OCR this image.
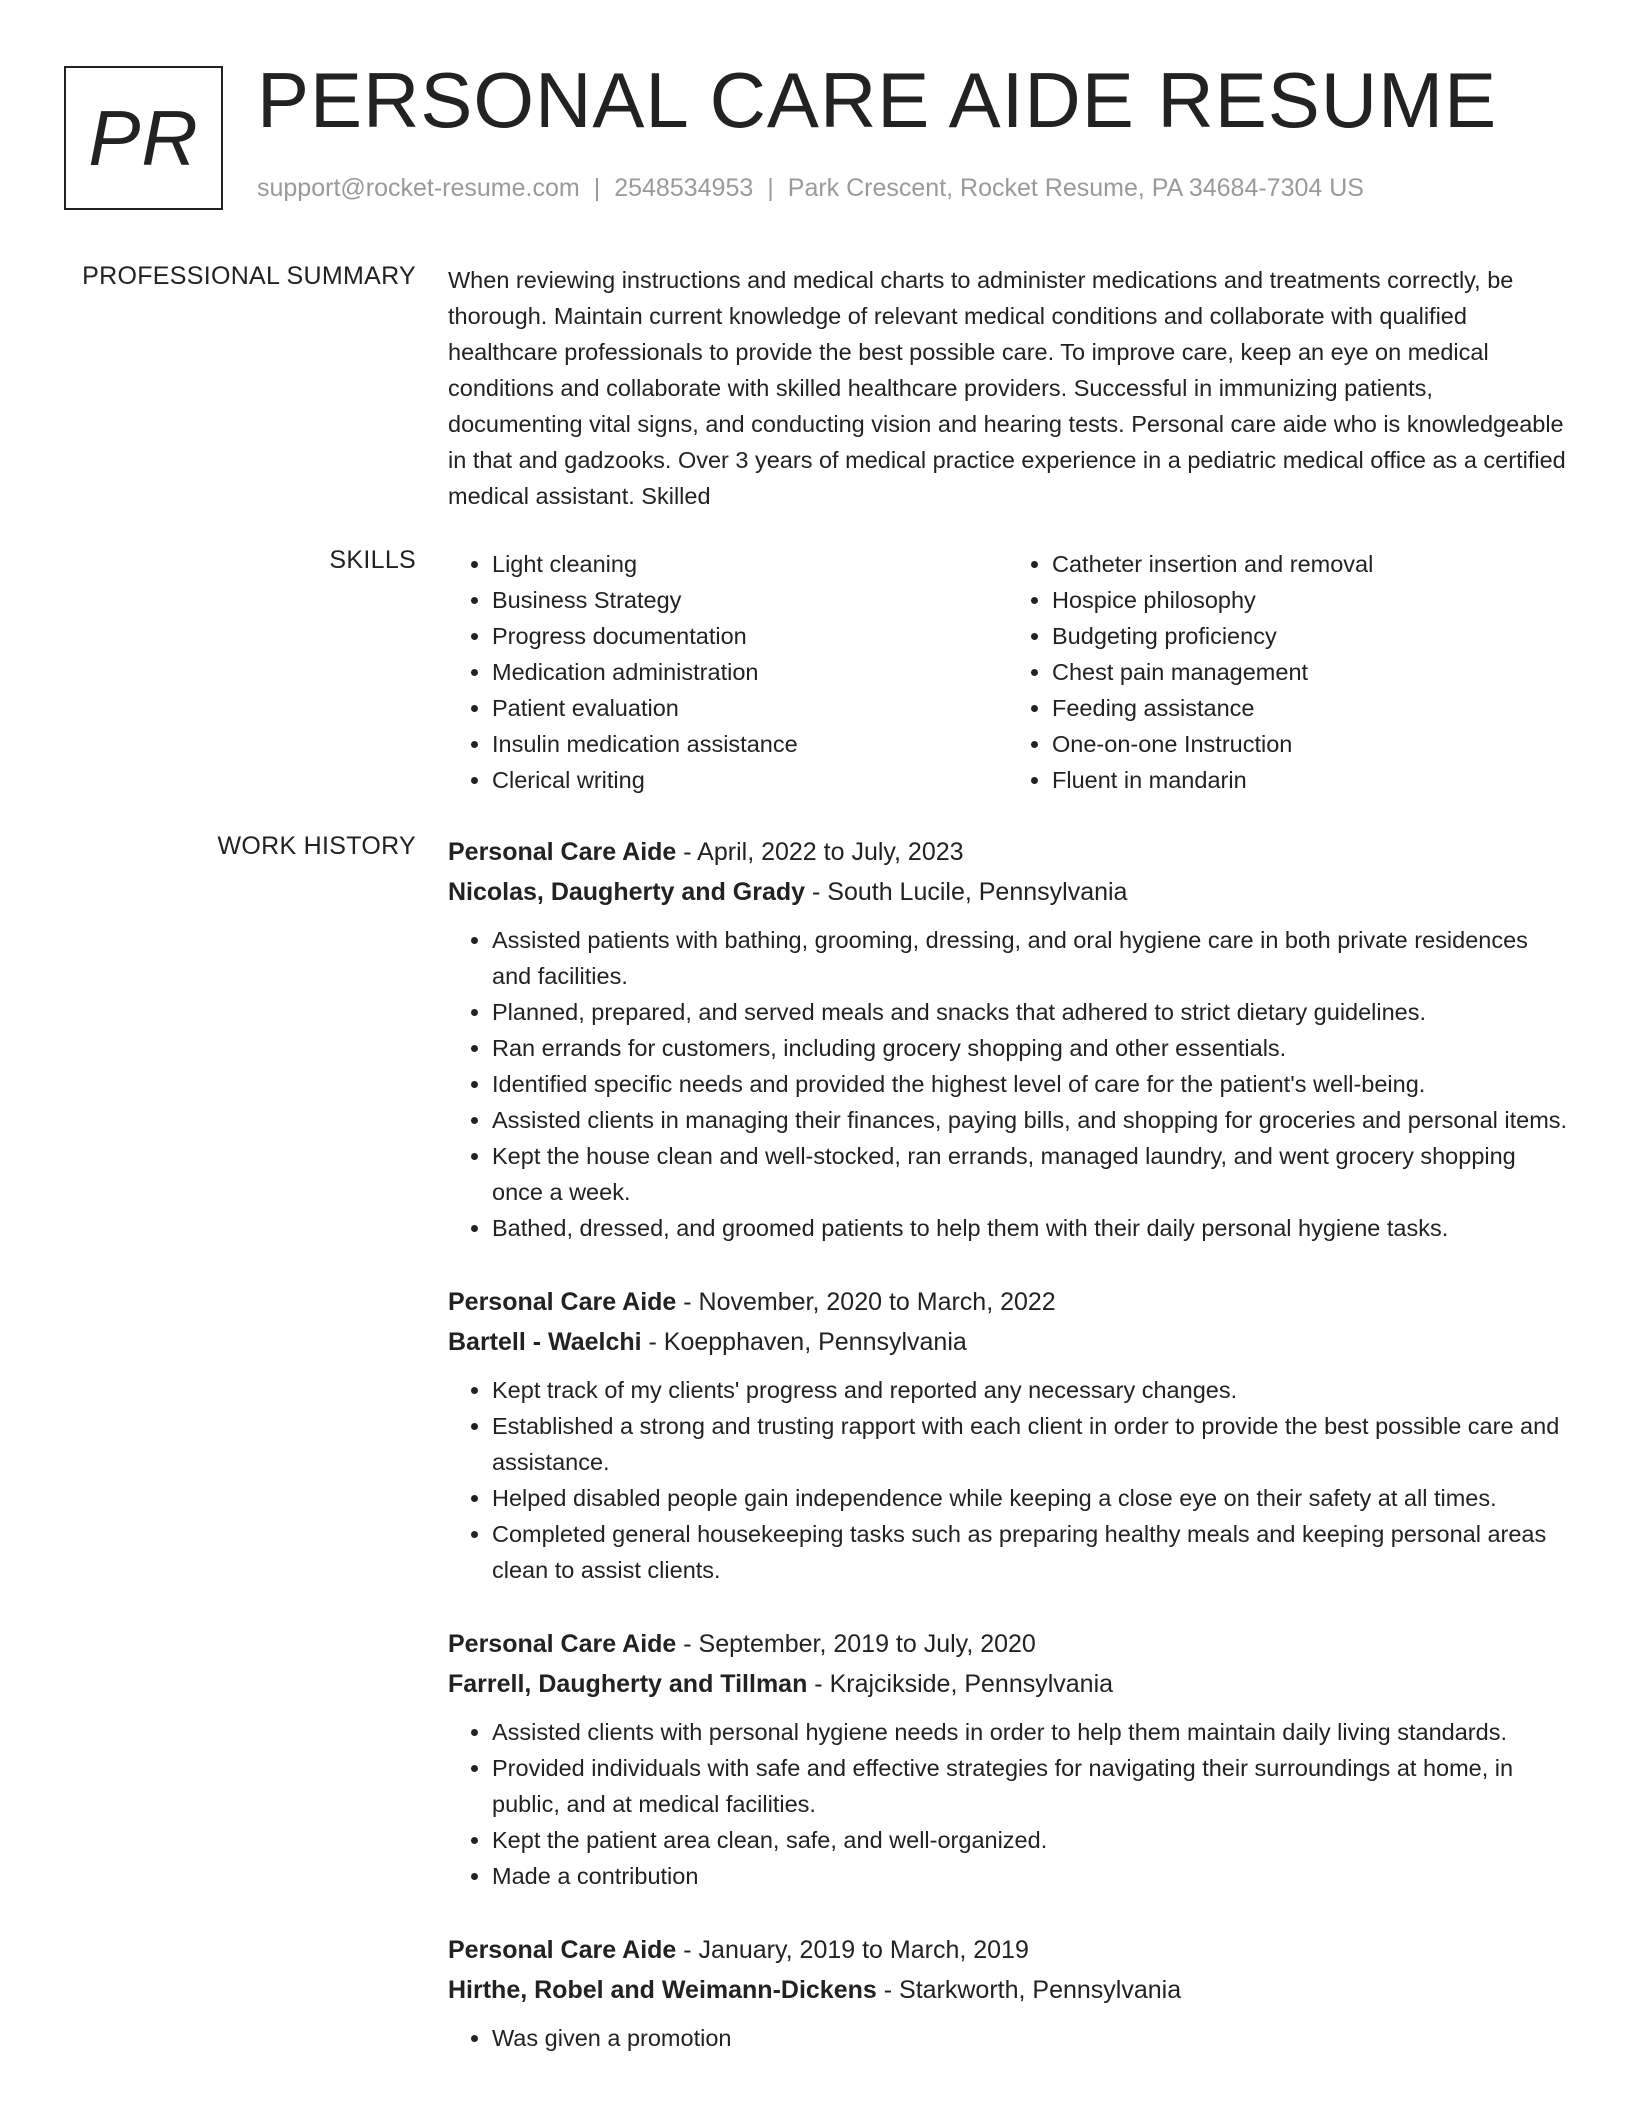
PR PERSONAL CARE AIDE RESUME
support@rocket-resume.com | 2548534953 | Park Crescent, Rocket Resume, PA 34684-7304 US
PROFESSIONAL SUMMARY When reviewing instructions and medical charts to administer medications and treatments correctly, be thorough. Maintain current knowledge of relevant medical conditions and collaborate with qualified healthcare professionals to provide the best possible care. To improve care, keep an eye on medical conditions and collaborate with skilled healthcare providers. Successful in immunizing patients, documenting vital signs, and conducting vision and hearing tests. Personal care aide who is knowledgeable in that and gadzooks. Over 3 years of medical practice experience in a pediatric medical office as a certified medical assistant. Skilled

SKILLS
•	Light cleaning
• Business Strategy
• Progress documentation
• Medication administration
• Patient evaluation
• Insulin medication assistance
• Clerical writing
• Catheter insertion and removal
• Hospice philosophy
• Budgeting proficiency
• Chest pain management
• Feeding assistance
• One-on-one Instruction
• Fluent in mandarin
WORK HISTORY Personal Care Aide - April, 2022 to July, 2023
Nicolas, Daugherty and Grady - South Lucile, Pennsylvania
• Assisted patients with bathing, grooming, dressing, and oral hygiene care in both private residences and facilities.
• Planned, prepared, and served meals and snacks that adhered to strict dietary guidelines.
• Ran errands for customers, including grocery shopping and other essentials.
• Identified specific needs and provided the highest level of care for the patient's well-being.
• Assisted clients in managing their finances, paying bills, and shopping for groceries and personal items.
• Kept the house clean and well-stocked, ran errands, managed laundry, and went grocery shopping once a week.
• Bathed, dressed, and groomed patients to help them with their daily personal hygiene tasks.
Personal Care Aide - November, 2020 to March, 2022
Bartell - Waelchi - Koepphaven, Pennsylvania
• Kept track of my clients' progress and reported any necessary changes.
• Established a strong and trusting rapport with each client in order to provide the best possible care and assistance.
• Helped disabled people gain independence while keeping a close eye on their safety at all times.
• Completed general housekeeping tasks such as preparing healthy meals and keeping personal areas clean to assist clients.
Personal Care Aide - September, 2019 to July, 2020
Farrell, Daugherty and Tillman - Krajcikside, Pennsylvania
• Assisted clients with personal hygiene needs in order to help them maintain daily living standards.
• Provided individuals with safe and effective strategies for navigating their surroundings at home, in public, and at medical facilities.
• Kept the patient area clean, safe, and well-organized.
• Made a contribution
Personal Care Aide - January, 2019 to March, 2019
Hirthe, Robel and Weimann-Dickens - Starkworth, Pennsylvania
• Was given a promotion
